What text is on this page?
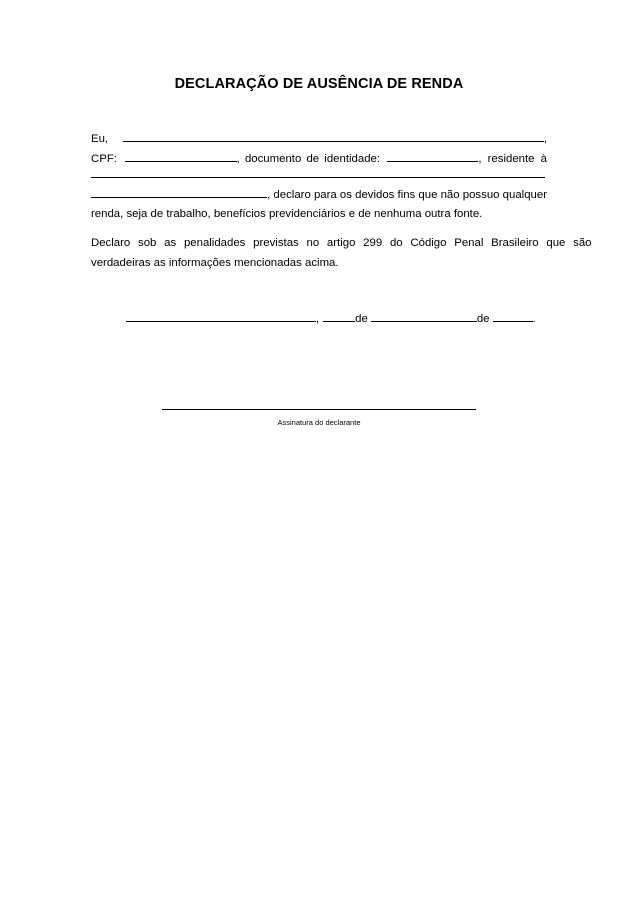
DECLARAÇÃO DE AUSÊNCIA DE RENDA
Eu,	,
CPF:	, documento de identidade:	, residente à
, declaro para os devidos fins que não possuo qualquer
renda, seja de trabalho, benefícios previdenciários e de nenhuma outra fonte.
Declaro sob as penalidades previstas no artigo 299 do Código Penal Brasileiro que são
verdadeiras as informações mencionadas acima.
,	de	de	.
Assinatura do declarante
